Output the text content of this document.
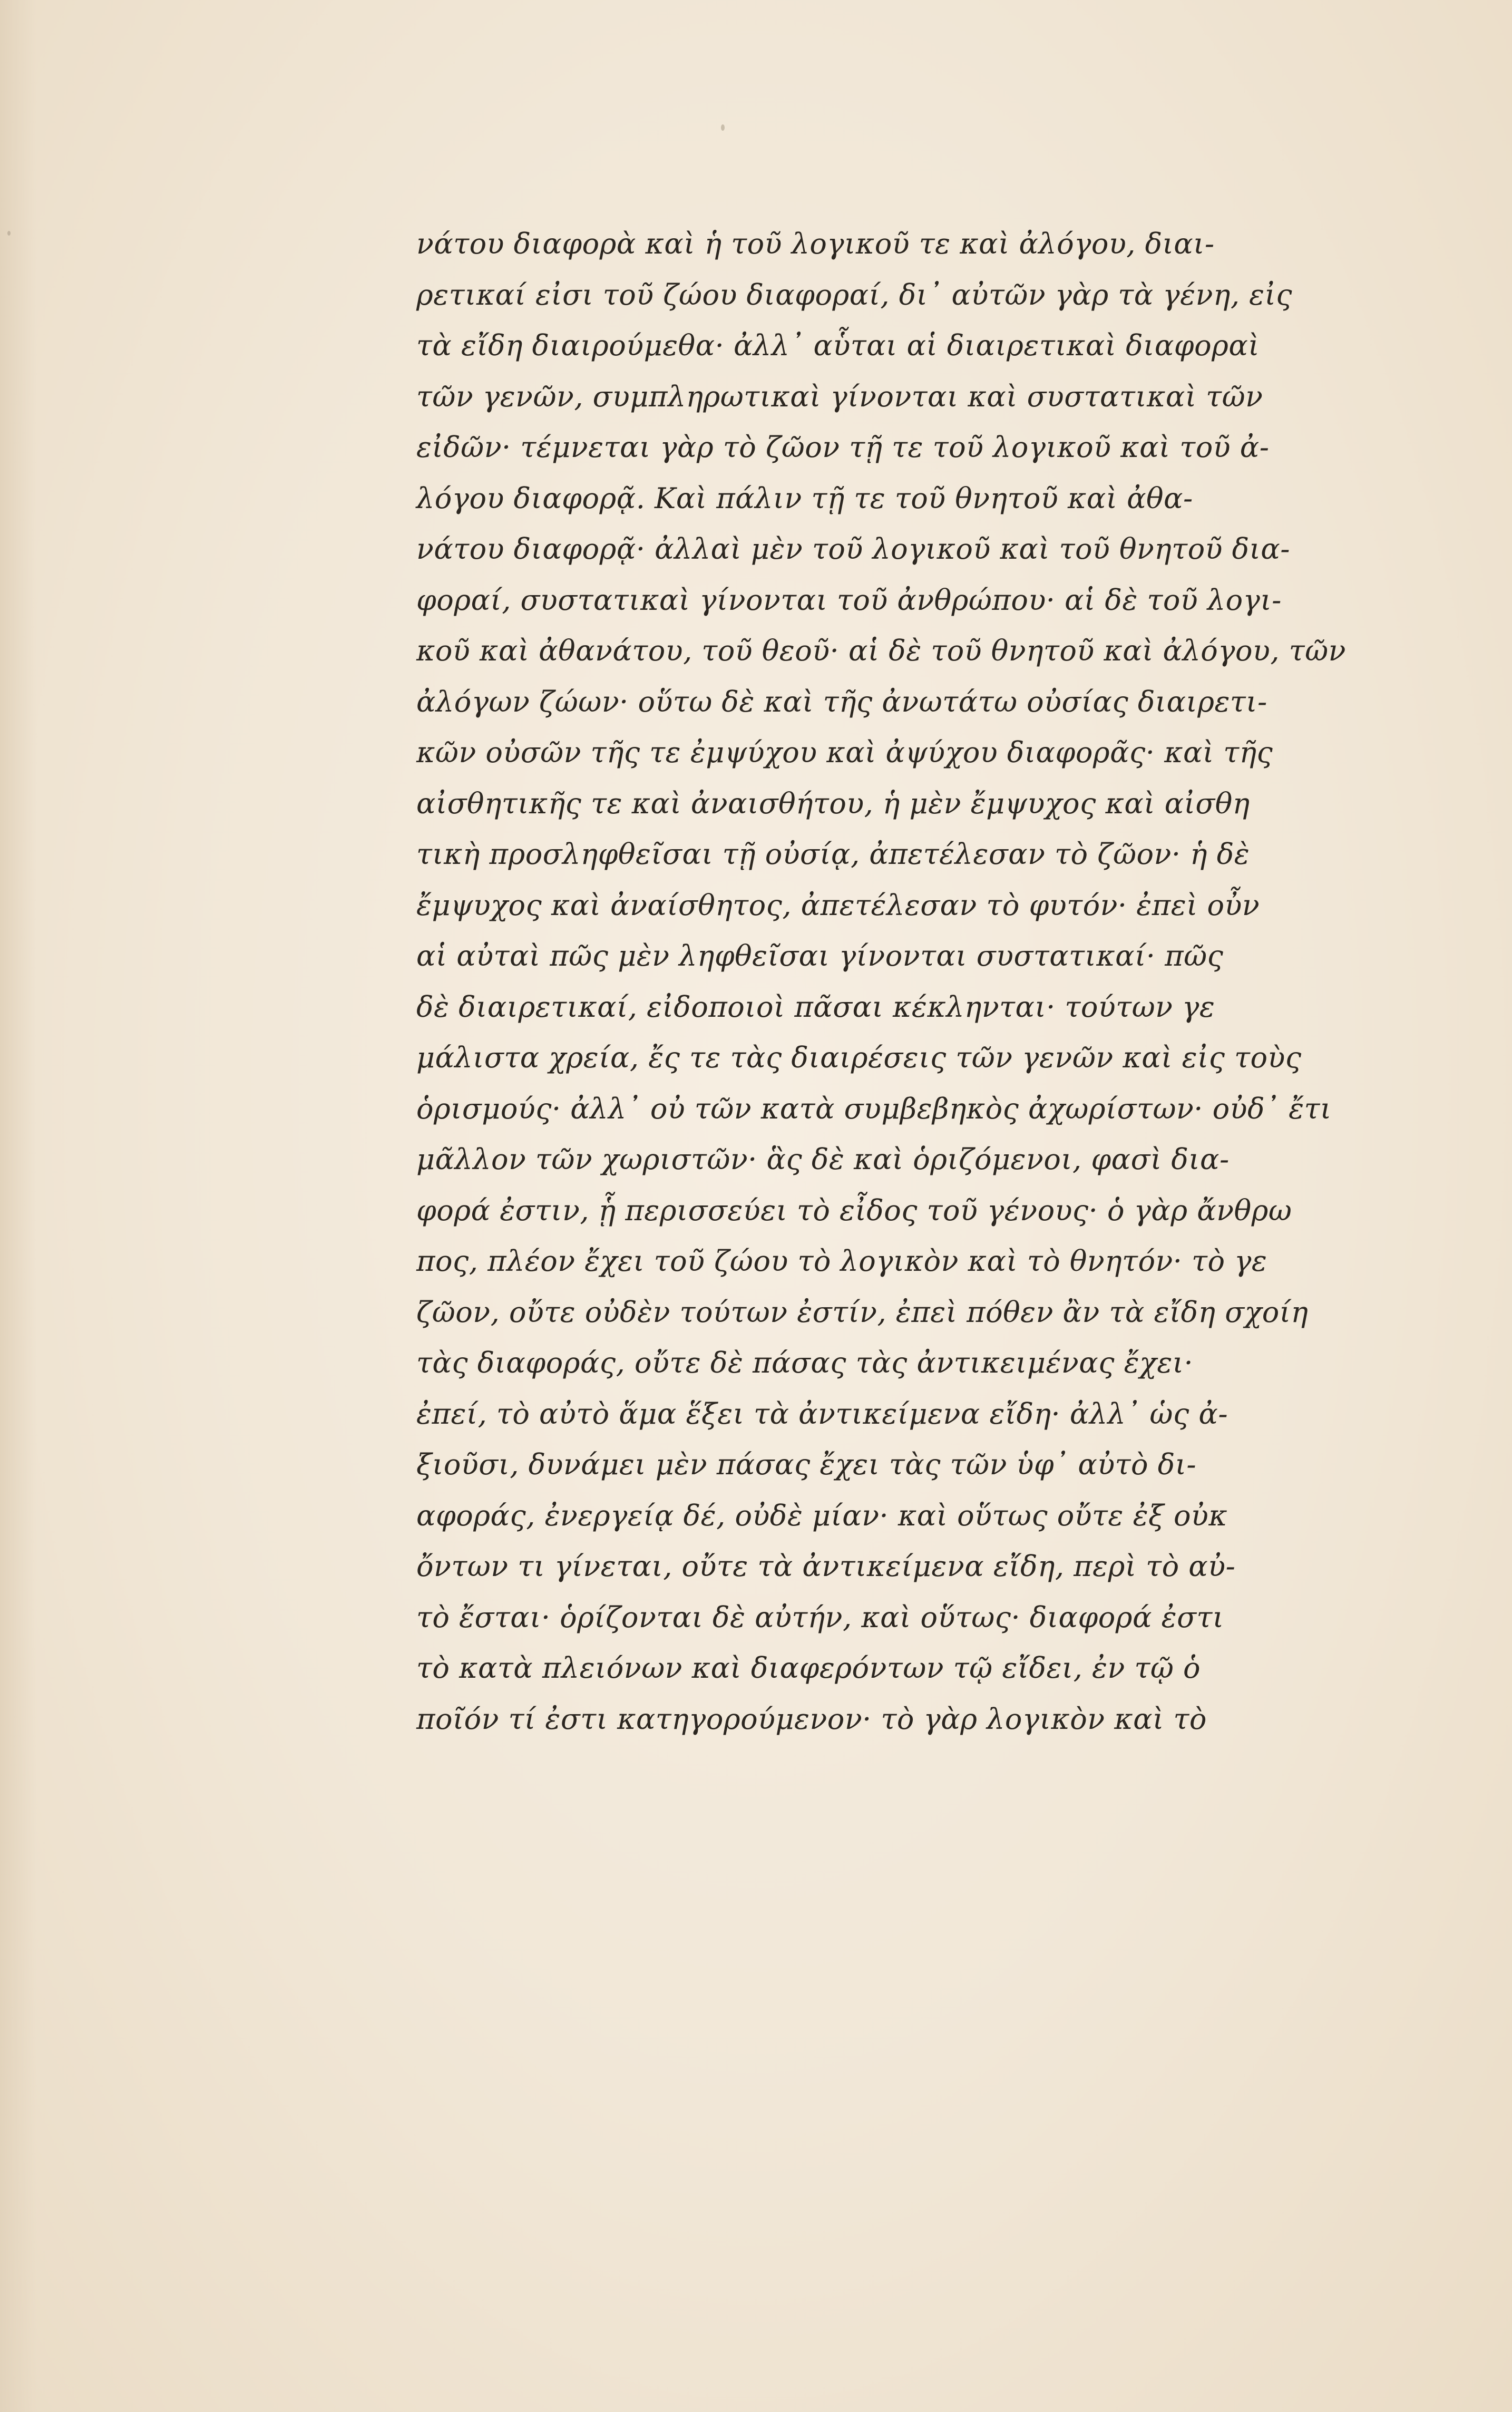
νάτου διαφορὰ καὶ ἡ τοῦ λογικοῦ τε καὶ ἀλόγου, διαι-
ρετικαί εἰσι τοῦ ζώου διαφοραί, δι᾽ αὐτῶν γὰρ τὰ γένη, εἰς
τὰ εἴδη διαιρούμεθα· ἀλλ᾽ αὗται αἱ διαιρετικαὶ διαφοραὶ
τῶν γενῶν, συμπληρωτικαὶ γίνονται καὶ συστατικαὶ τῶν
εἰδῶν· τέμνεται γὰρ τὸ ζῶον τῇ τε τοῦ λογικοῦ καὶ τοῦ ἀ-
λόγου διαφορᾷ. Καὶ πάλιν τῇ τε τοῦ θνητοῦ καὶ ἀθα-
νάτου διαφορᾷ· ἀλλαὶ μὲν τοῦ λογικοῦ καὶ τοῦ θνητοῦ δια-
φοραί, συστατικαὶ γίνονται τοῦ ἀνθρώπου· αἱ δὲ τοῦ λογι-
κοῦ καὶ ἀθανάτου, τοῦ θεοῦ· αἱ δὲ τοῦ θνητοῦ καὶ ἀλόγου, τῶν
ἀλόγων ζώων· οὕτω δὲ καὶ τῆς ἀνωτάτω οὐσίας διαιρετι-
κῶν οὐσῶν τῆς τε ἐμψύχου καὶ ἀψύχου διαφορᾶς· καὶ τῆς
αἰσθητικῆς τε καὶ ἀναισθήτου, ἡ μὲν ἔμψυχος καὶ αἰσθη
τικὴ προσληφθεῖσαι τῇ οὐσίᾳ, ἀπετέλεσαν τὸ ζῶον· ἡ δὲ
ἔμψυχος καὶ ἀναίσθητος, ἀπετέλεσαν τὸ φυτόν· ἐπεὶ οὖν
αἱ αὐταὶ πῶς μὲν ληφθεῖσαι γίνονται συστατικαί· πῶς
δὲ διαιρετικαί, εἰδοποιοὶ πᾶσαι κέκληνται· τούτων γε
μάλιστα χρεία, ἔς τε τὰς διαιρέσεις τῶν γενῶν καὶ εἰς τοὺς
ὁρισμούς· ἀλλ᾽ οὐ τῶν κατὰ συμβεβηκὸς ἀχωρίστων· οὐδ᾽ ἔτι
μᾶλλον τῶν χωριστῶν· ἃς δὲ καὶ ὁριζόμενοι, φασὶ δια-
φορά ἐστιν, ᾗ περισσεύει τὸ εἶδος τοῦ γένους· ὁ γὰρ ἄνθρω
πος, πλέον ἔχει τοῦ ζώου τὸ λογικὸν καὶ τὸ θνητόν· τὸ γε
ζῶον, οὔτε οὐδὲν τούτων ἐστίν, ἐπεὶ πόθεν ἂν τὰ εἴδη σχοίη
τὰς διαφοράς, οὔτε δὲ πάσας τὰς ἀντικειμένας ἔχει·
ἐπεί, τὸ αὐτὸ ἅμα ἕξει τὰ ἀντικείμενα εἴδη· ἀλλ᾽ ὡς ἀ-
ξιοῦσι, δυνάμει μὲν πάσας ἔχει τὰς τῶν ὑφ᾽ αὐτὸ δι-
αφοράς, ἐνεργείᾳ δέ, οὐδὲ μίαν· καὶ οὕτως οὔτε ἐξ οὐκ
ὄντων τι γίνεται, οὔτε τὰ ἀντικείμενα εἴδη, περὶ τὸ αὐ-
τὸ ἔσται· ὁρίζονται δὲ αὐτήν, καὶ οὕτως· διαφορά ἐστι
τὸ κατὰ πλειόνων καὶ διαφερόντων τῷ εἴδει, ἐν τῷ ὁ
ποῖόν τί ἐστι κατηγορούμενον· τὸ γὰρ λογικὸν καὶ τὸ
